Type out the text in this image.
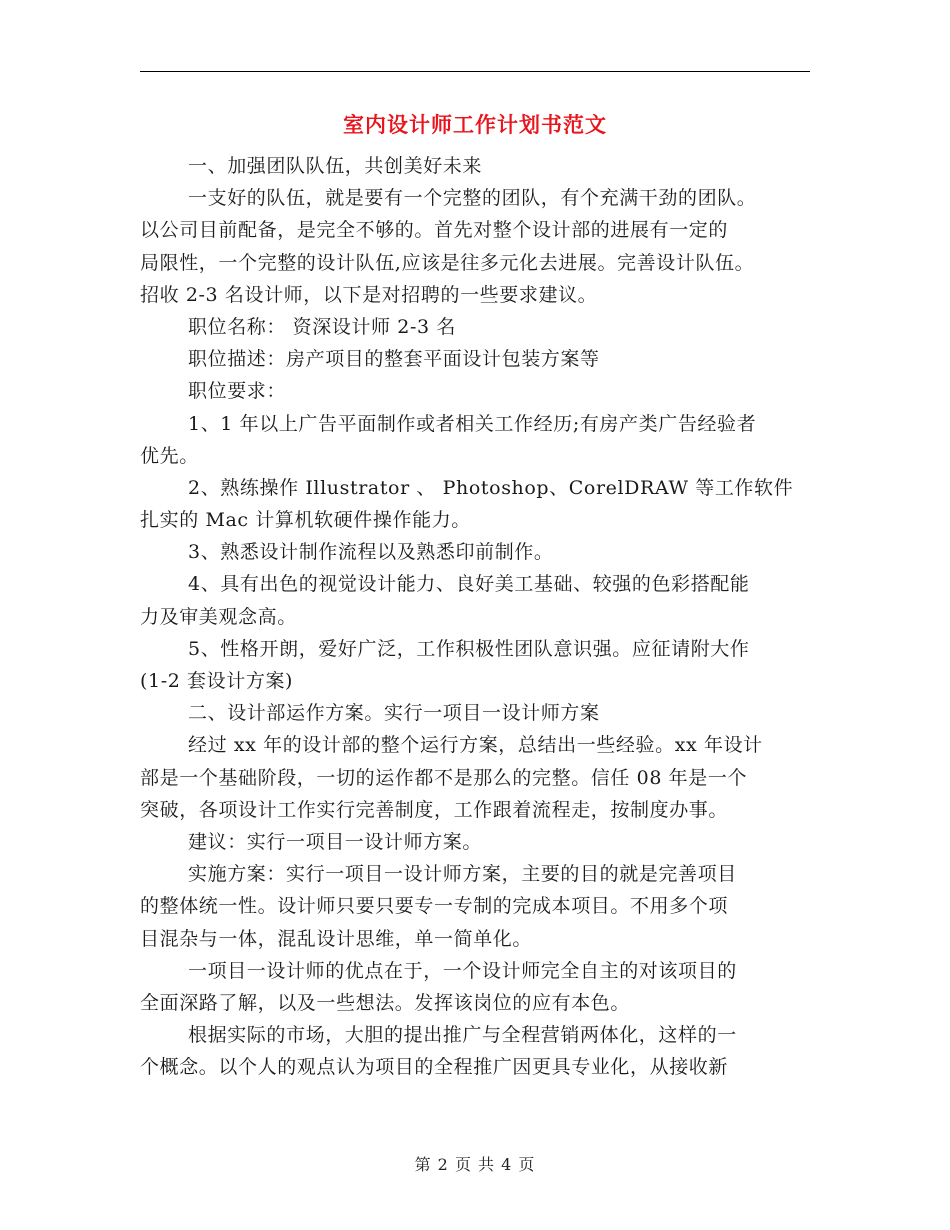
室内设计师工作计划书范文
一、加强团队队伍，共创美好未来
一支好的队伍，就是要有一个完整的团队，有个充满干劲的团队。
以公司目前配备，是完全不够的。首先对整个设计部的进展有一定的
局限性，一个完整的设计队伍,应该是往多元化去进展。完善设计队伍。
招收 2-3 名设计师，以下是对招聘的一些要求建议。
职位名称： 资深设计师 2-3 名
职位描述：房产项目的整套平面设计包装方案等
职位要求：
1、1 年以上广告平面制作或者相关工作经历;有房产类广告经验者
优先。
2、熟练操作 Illustrator 、 Photoshop、CorelDRAW 等工作软件
扎实的 Mac 计算机软硬件操作能力。
3、熟悉设计制作流程以及熟悉印前制作。
4、具有出色的视觉设计能力、良好美工基础、较强的色彩搭配能
力及审美观念高。
5、性格开朗，爱好广泛，工作积极性团队意识强。应征请附大作
(1-2 套设计方案)
二、设计部运作方案。实行一项目一设计师方案
经过 xx 年的设计部的整个运行方案，总结出一些经验。xx 年设计
部是一个基础阶段，一切的运作都不是那么的完整。信任 08 年是一个
突破，各项设计工作实行完善制度，工作跟着流程走，按制度办事。
建议：实行一项目一设计师方案。
实施方案：实行一项目一设计师方案，主要的目的就是完善项目
的整体统一性。设计师只要只要专一专制的完成本项目。不用多个项
目混杂与一体，混乱设计思维，单一简单化。
一项目一设计师的优点在于，一个设计师完全自主的对该项目的
全面深路了解，以及一些想法。发挥该岗位的应有本色。
根据实际的市场，大胆的提出推广与全程营销两体化，这样的一
个概念。以个人的观点认为项目的全程推广因更具专业化，从接收新
第 2 页 共 4 页
